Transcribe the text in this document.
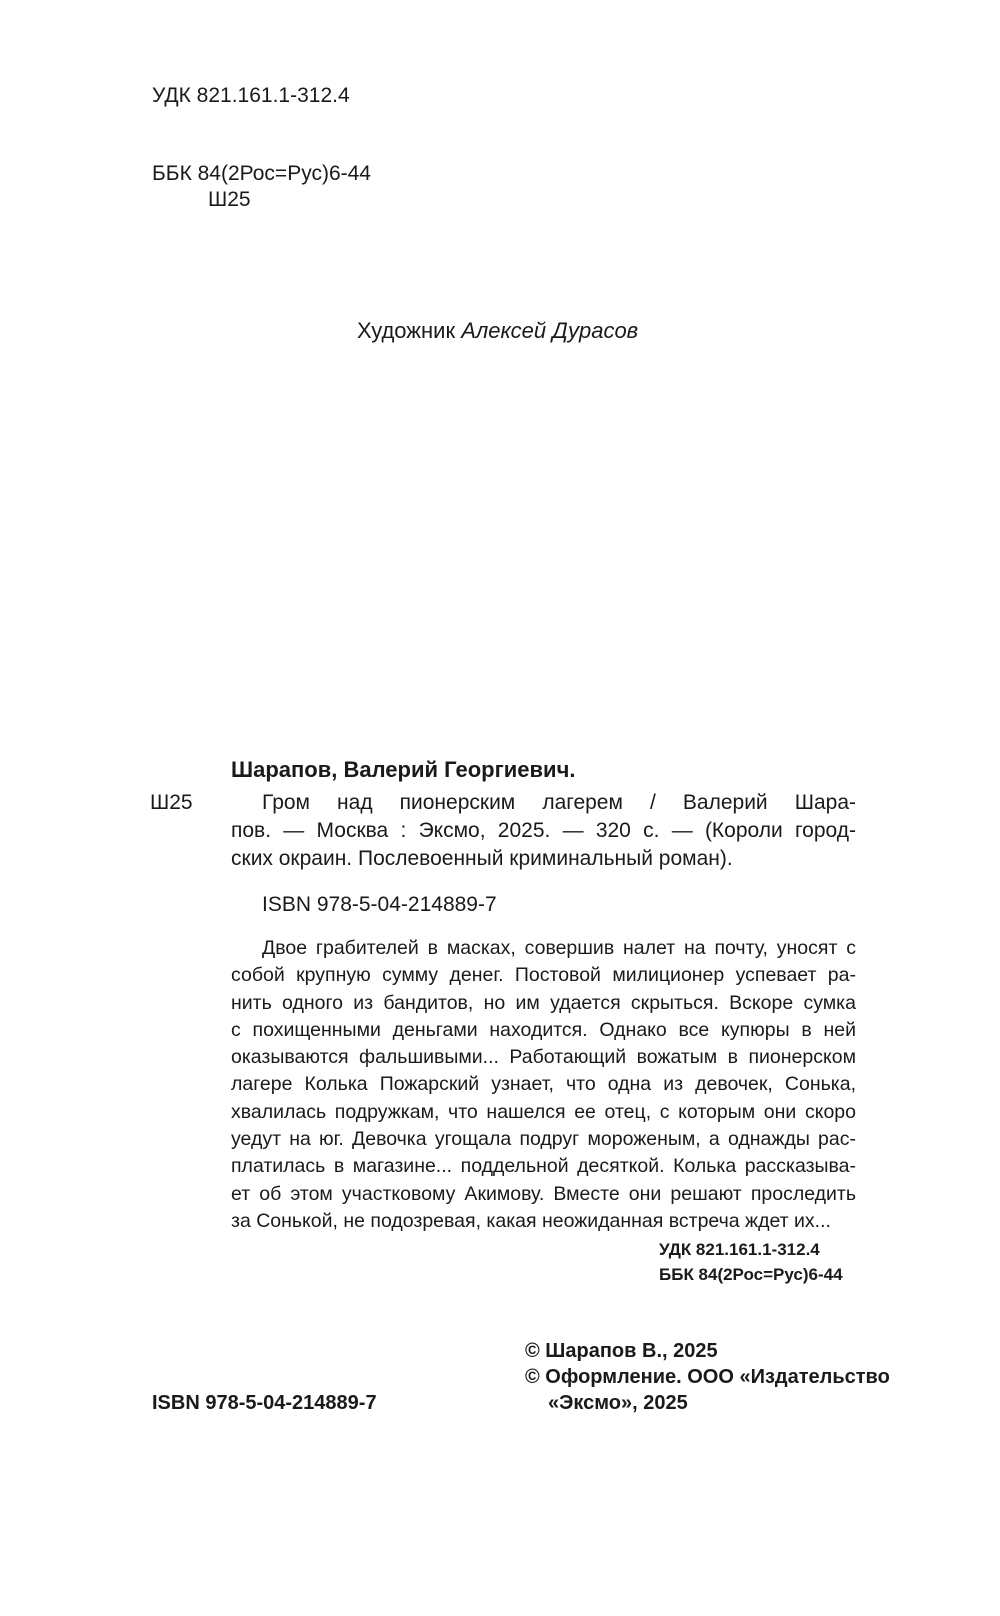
УДК 821.161.1-312.4
ББК 84(2Рос=Рус)6-44
Ш25
Художник Алексей Дурасов
Шарапов, Валерий Георгиевич.
Ш25	Гром над пионерским лагерем / Валерий Шара-
пов. — Москва : Эксмо, 2025. — 320 с. — (Короли город-
ских окраин. Послевоенный криминальный роман).
ISBN 978-5-04-214889-7
Двое грабителей в масках, совершив налет на почту, уносят с
собой крупную сумму денег. Постовой милиционер успевает ра-
нить одного из бандитов, но им удается скрыться. Вскоре сумка
с похищенными деньгами находится. Однако все купюры в ней
оказываются фальшивыми... Работающий вожатым в пионерском
лагере Колька Пожарский узнает, что одна из девочек, Сонька,
хвалилась подружкам, что нашелся ее отец, с которым они скоро
уедут на юг. Девочка угощала подруг мороженым, а однажды рас-
платилась в магазине... поддельной десяткой. Колька рассказыва-
ет об этом участковому Акимову. Вместе они решают проследить
за Сонькой, не подозревая, какая неожиданная встреча ждет их...
УДК 821.161.1-312.4
ББК 84(2Рос=Рус)6-44
ISBN 978-5-04-214889-7
© Шарапов В., 2025
© Оформление. ООО «Издательство
«Эксмо», 2025
